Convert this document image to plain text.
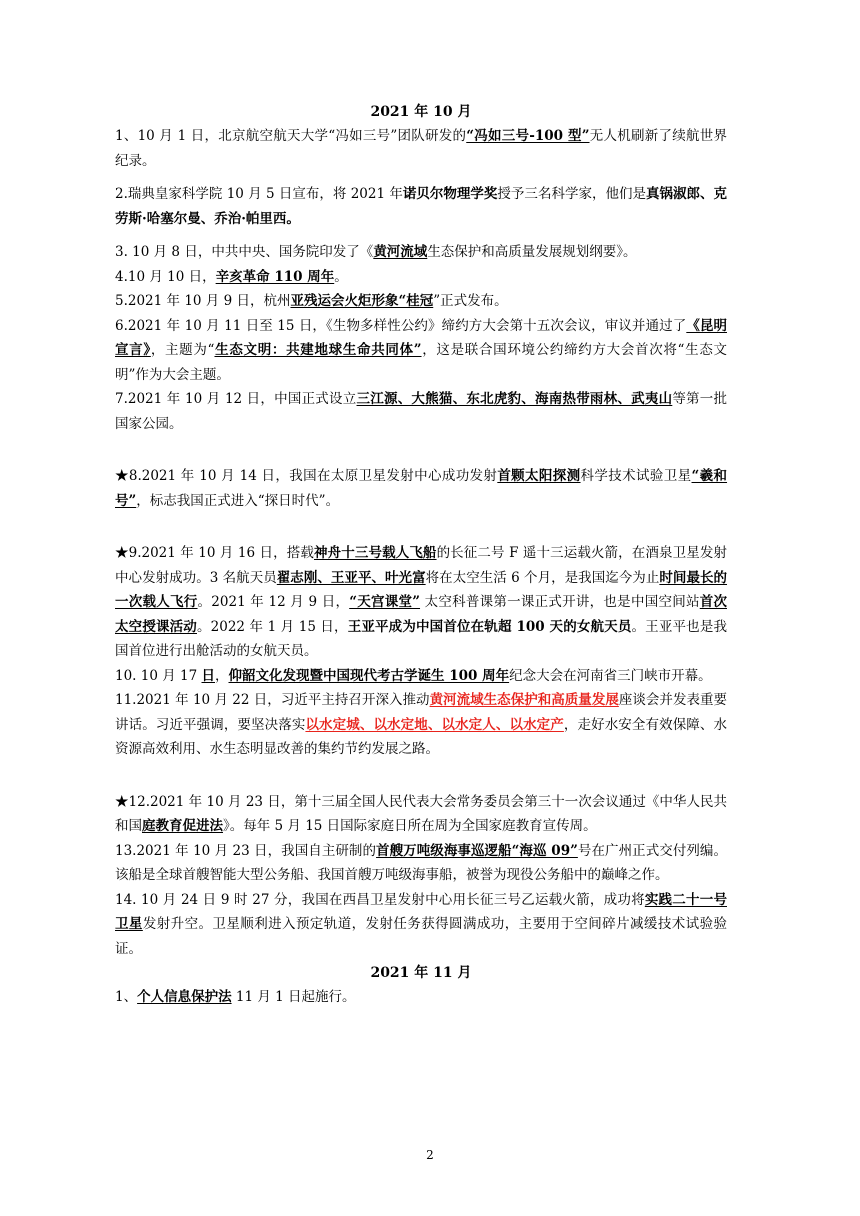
2021 年 10 月

1、10 月 1 日，北京航空航天大学“冯如三号”团队研发的“冯如三号-100 型”无人机刷新了续航世界纪录。

2.瑞典皇家科学院 10 月 5 日宣布，将 2021 年诺贝尔物理学奖授予三名科学家，他们是真锅淑郎、克劳斯·哈塞尔曼、乔治·帕里西。

3. 10 月 8 日，中共中央、国务院印发了《黄河流域生态保护和高质量发展规划纲要》。

4.10 月 10 日，辛亥革命 110 周年。

5.2021 年 10 月 9 日，杭州亚残运会火炬形象“桂冠”正式发布。

6.2021 年 10 月 11 日至 15 日，《生物多样性公约》缔约方大会第十五次会议，审议并通过了《昆明宣言》，主题为“生态文明：共建地球生命共同体”，这是联合国环境公约缔约方大会首次将“生态文明”作为大会主题。

7.2021 年 10 月 12 日，中国正式设立三江源、大熊猫、东北虎豹、海南热带雨林、武夷山等第一批国家公园。

★8.2021 年 10 月 14 日，我国在太原卫星发射中心成功发射首颗太阳探测科学技术试验卫星“羲和号”，标志我国正式进入“探日时代”。

★9.2021 年 10 月 16 日，搭载神舟十三号载人飞船的长征二号 F 遥十三运载火箭，在酒泉卫星发射中心发射成功。3 名航天员翟志刚、王亚平、叶光富将在太空生活 6 个月，是我国迄今为止时间最长的一次载人飞行。2021 年 12 月 9 日，“天宫课堂” 太空科普课第一课正式开讲，也是中国空间站首次太空授课活动。2022 年 1 月 15 日，王亚平成为中国首位在轨超 100 天的女航天员。王亚平也是我国首位进行出舱活动的女航天员。

10. 10 月 17 日，仰韶文化发现暨中国现代考古学诞生 100 周年纪念大会在河南省三门峡市开幕。

11.2021 年 10 月 22 日，习近平主持召开深入推动黄河流域生态保护和高质量发展座谈会并发表重要讲话。习近平强调，要坚决落实以水定城、以水定地、以水定人、以水定产，走好水安全有效保障、水资源高效利用、水生态明显改善的集约节约发展之路。

★12.2021 年 10 月 23 日，第十三届全国人民代表大会常务委员会第三十一次会议通过《中华人民共和国庭教育促进法》。每年 5 月 15 日国际家庭日所在周为全国家庭教育宣传周。

13.2021 年 10 月 23 日，我国自主研制的首艘万吨级海事巡逻船“海巡 09”号在广州正式交付列编。该船是全球首艘智能大型公务船、我国首艘万吨级海事船，被誉为现役公务船中的巅峰之作。

14. 10 月 24 日 9 时 27 分，我国在西昌卫星发射中心用长征三号乙运载火箭，成功将实践二十一号卫星发射升空。卫星顺利进入预定轨道，发射任务获得圆满成功，主要用于空间碎片减缓技术试验验证。

2021 年 11 月

1、个人信息保护法 11 月 1 日起施行。

2
